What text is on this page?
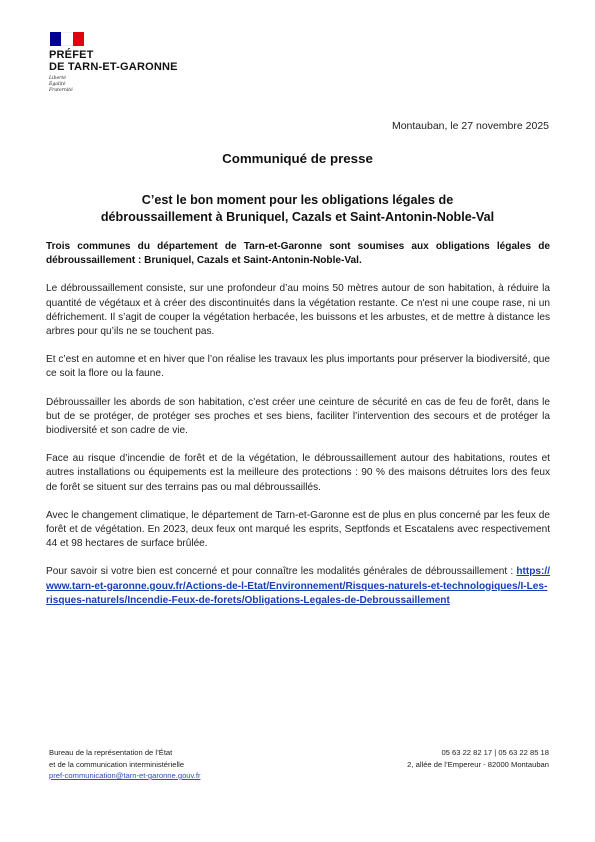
PRÉFET
DE TARN-ET-GARONNE
Liberté
Égalité
Fraternité
Montauban, le 27 novembre 2025
Communiqué de presse
C’est le bon moment pour les obligations légales de
débroussaillement à Bruniquel, Cazals et Saint-Antonin-Noble-Val

Trois communes du département de Tarn-et-Garonne sont soumises aux obligations légales de débroussaillement : Bruniquel, Cazals et Saint-Antonin-Noble-Val.

Le débroussaillement consiste, sur une profondeur d’au moins 50 mètres autour de son habitation, à réduire la quantité de végétaux et à créer des discontinuités dans la végétation restante. Ce n'est ni une coupe rase, ni un défrichement. Il s’agit de couper la végétation herbacée, les buissons et les arbustes, et de mettre à distance les arbres pour qu’ils ne se touchent pas.

Et c’est en automne et en hiver que l’on réalise les travaux les plus importants pour préserver la biodiversité, que ce soit la flore ou la faune.

Débroussailler les abords de son habitation, c’est créer une ceinture de sécurité en cas de feu de forêt, dans le but de se protéger, de protéger ses proches et ses biens, faciliter l’intervention des secours et de protéger la biodiversité et son cadre de vie.

Face au risque d’incendie de forêt et de la végétation, le débroussaillement autour des habitations, routes et autres installations ou équipements est la meilleure des protections : 90 % des maisons détruites lors des feux de forêt se situent sur des terrains pas ou mal débroussaillés.

Avec le changement climatique, le département de Tarn-et-Garonne est de plus en plus concerné par les feux de forêt et de végétation. En 2023, deux feux ont marqué les esprits, Septfonds et Escatalens avec respectivement 44 et 98 hectares de surface brûlée.

Pour savoir si votre bien est concerné et pour connaître les modalités générales de débroussaillement : https://www.tarn-et-garonne.gouv.fr/Actions-de-l-Etat/Environnement/Risques-naturels-et-technologiques/I-Les-risques-naturels/Incendie-Feux-de-forets/Obligations-Legales-de-Debroussaillement

Bureau de la représentation de l’État
et de la communication interministérielle
pref-communication@tarn-et-garonne.gouv.fr
05 63 22 82 17 | 05 63 22 85 18
2, allée de l’Empereur - 82000 Montauban
